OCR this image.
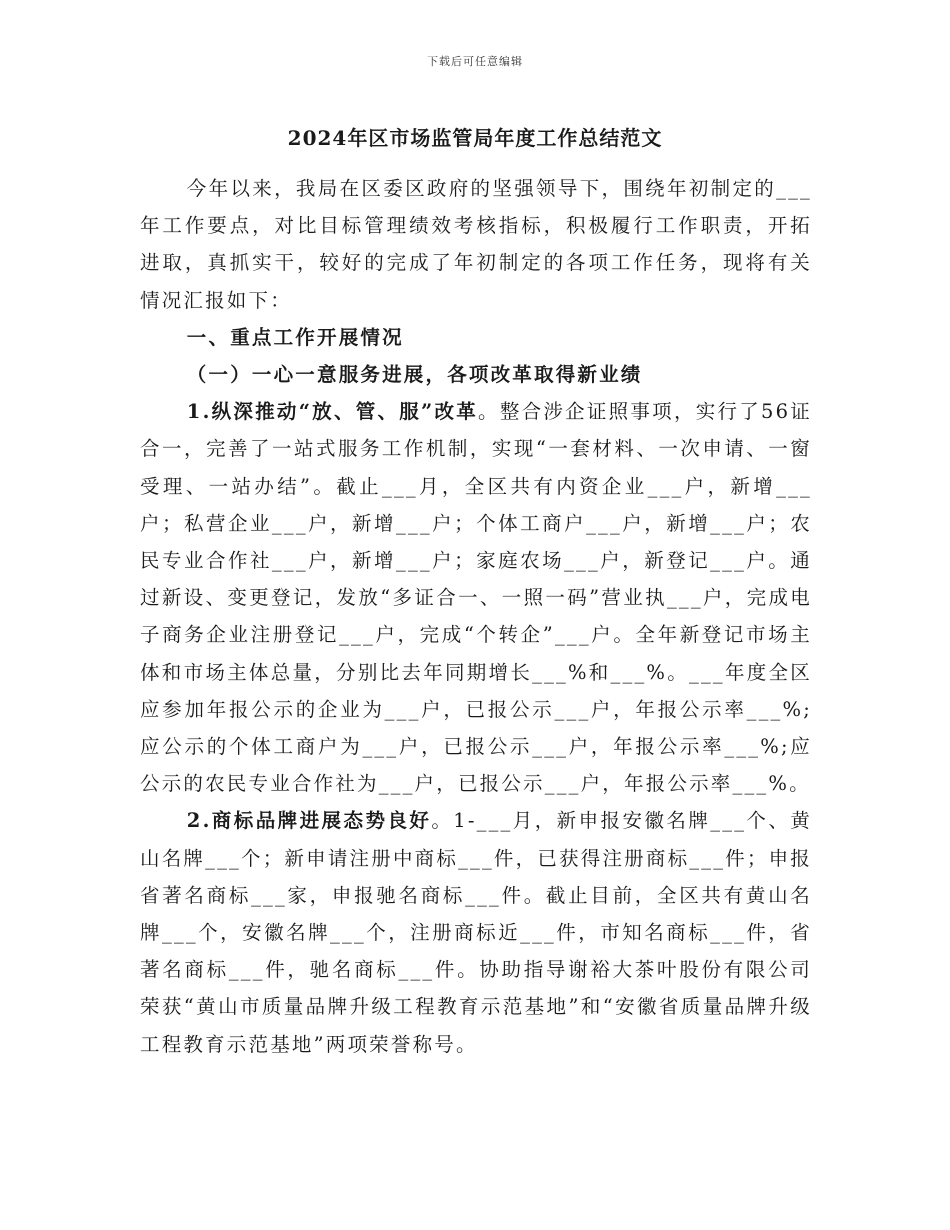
下载后可任意编辑
2024年区市场监管局年度工作总结范文

今年以来，我局在区委区政府的坚强领导下，围绕年初制定的___年工作要点，对比目标管理绩效考核指标，积极履行工作职责，开拓进取，真抓实干，较好的完成了年初制定的各项工作任务，现将有关情况汇报如下：

一、重点工作开展情况
（一）一心一意服务进展，各项改革取得新业绩

1.纵深推动“放、管、服”改革。整合涉企证照事项，实行了56证合一，完善了一站式服务工作机制，实现“一套材料、一次申请、一窗受理、一站办结”。截止___月，全区共有内资企业___户，新增___户；私营企业___户，新增___户；个体工商户___户，新增___户；农民专业合作社___户，新增___户；家庭农场___户，新登记___户。通过新设、变更登记，发放“多证合一、一照一码”营业执___户，完成电子商务企业注册登记___户，完成“个转企”___户。全年新登记市场主体和市场主体总量，分别比去年同期增长___%和___%。___年度全区应参加年报公示的企业为___户，已报公示___户，年报公示率___%;应公示的个体工商户为___户，已报公示___户，年报公示率___%;应公示的农民专业合作社为___户，已报公示___户，年报公示率___%。

2.商标品牌进展态势良好。1-___月，新申报安徽名牌___个、黄山名牌___个；新申请注册中商标___件，已获得注册商标___件；申报省著名商标___家，申报驰名商标___件。截止目前，全区共有黄山名牌___个，安徽名牌___个，注册商标近___件，市知名商标___件，省著名商标___件，驰名商标___件。协助指导谢裕大茶叶股份有限公司荣获“黄山市质量品牌升级工程教育示范基地”和“安徽省质量品牌升级工程教育示范基地”两项荣誉称号。
